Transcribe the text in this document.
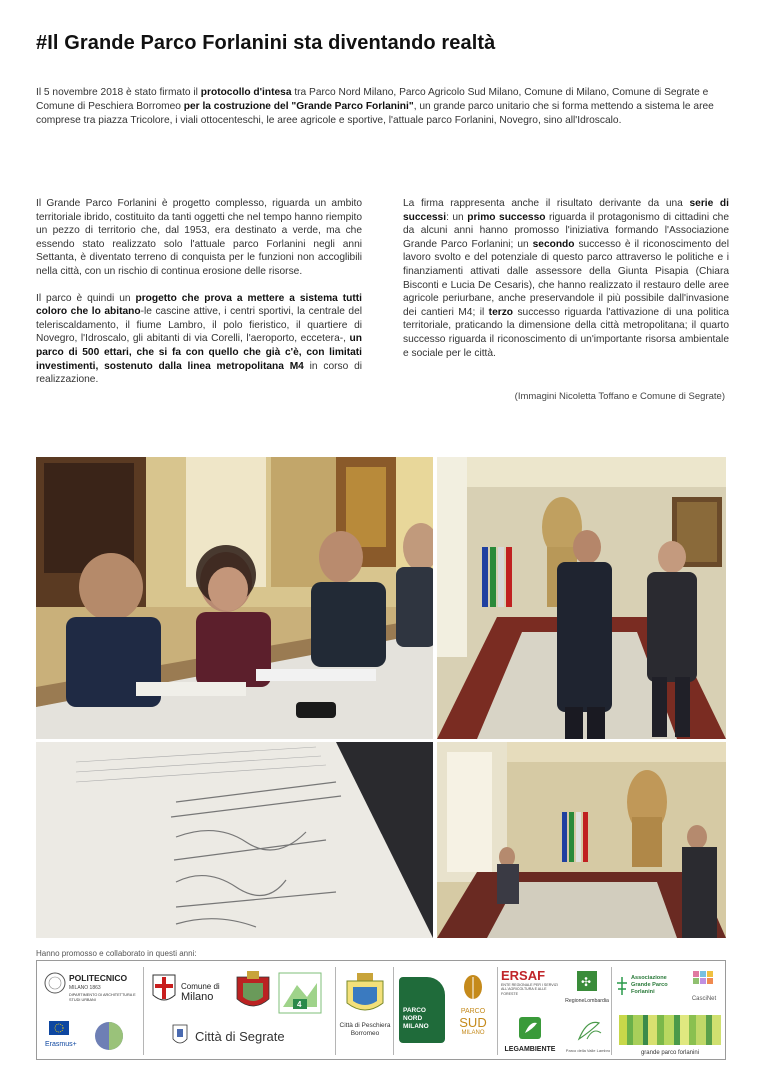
#Il Grande Parco Forlanini sta diventando realtà
Il 5 novembre 2018 è stato firmato il protocollo d'intesa tra Parco Nord Milano, Parco Agricolo Sud Milano, Comune di Milano, Comune di Segrate e Comune di Peschiera Borromeo per la costruzione del "Grande Parco Forlanini", un grande parco unitario che si forma mettendo a sistema le aree comprese tra piazza Tricolore, i viali ottocenteschi, le aree agricole e sportive, l'attuale parco Forlanini, Novegro, sino all'Idroscalo.

Il Grande Parco Forlanini è progetto complesso, riguarda un ambito territoriale ibrido, costituito da tanti oggetti che nel tempo hanno riempito un pezzo di territorio che, dal 1953, era destinato a verde, ma che essendo stato realizzato solo l'attuale parco Forlanini negli anni Settanta, è diventato terreno di conquista per le funzioni non accoglibili nella città, con un rischio di continua erosione delle risorse.

Il parco è quindi un progetto che prova a mettere a sistema tutti coloro che lo abitano-le cascine attive, i centri sportivi, la centrale del teleriscaldamento, il fiume Lambro, il polo fieristico, il quartiere di Novegro, l'Idroscalo, gli abitanti di via Corelli, l'aeroporto, eccetera-, un parco di 500 ettari, che si fa con quello che già c'è, con limitati investimenti, sostenuto dalla linea metropolitana M4 in corso di realizzazione.

La firma rappresenta anche il risultato derivante da una serie di successi: un primo successo riguarda il protagonismo di cittadini che da alcuni anni hanno promosso l'iniziativa formando l'Associazione Grande Parco Forlanini; un secondo successo è il riconoscimento del lavoro svolto e del potenziale di questo parco attraverso le politiche e i finanziamenti attivati dalle assessore della Giunta Pisapia (Chiara Bisconti e Lucia De Cesaris), che hanno realizzato il restauro delle aree agricole periurbane, anche preservandole il più possibile dall'invasione dei cantieri M4; il terzo successo riguarda l'attivazione di una politica territoriale, praticando la dimensione della città metropolitana; il quarto successo riguarda il riconoscimento di un'importante risorsa ambientale e sociale per le città.

(Immagini Nicoletta Toffano e Comune di Segrate)
Hanno promosso e collaborato in questi anni:
POLITECNICO
MILANO 1863
DIPARTIMENTO DI ARCHITETTURA E STUDI URBANI
Erasmus+
Comune di
Milano
4
Città di Segrate
Città di Peschiera Borromeo
PARCO NORD MILANO
PARCO
SUD
MILANO
ERSAF
ENTE REGIONALE PER I SERVIZI ALL'AGRICOLTURA E ALLE FORESTE
✣
RegioneLombardia
LEGAMBIENTE	Parco della Valle Lambro
Associazione Grande Parco Forlanini
CasciNet
grande parco forlanini
